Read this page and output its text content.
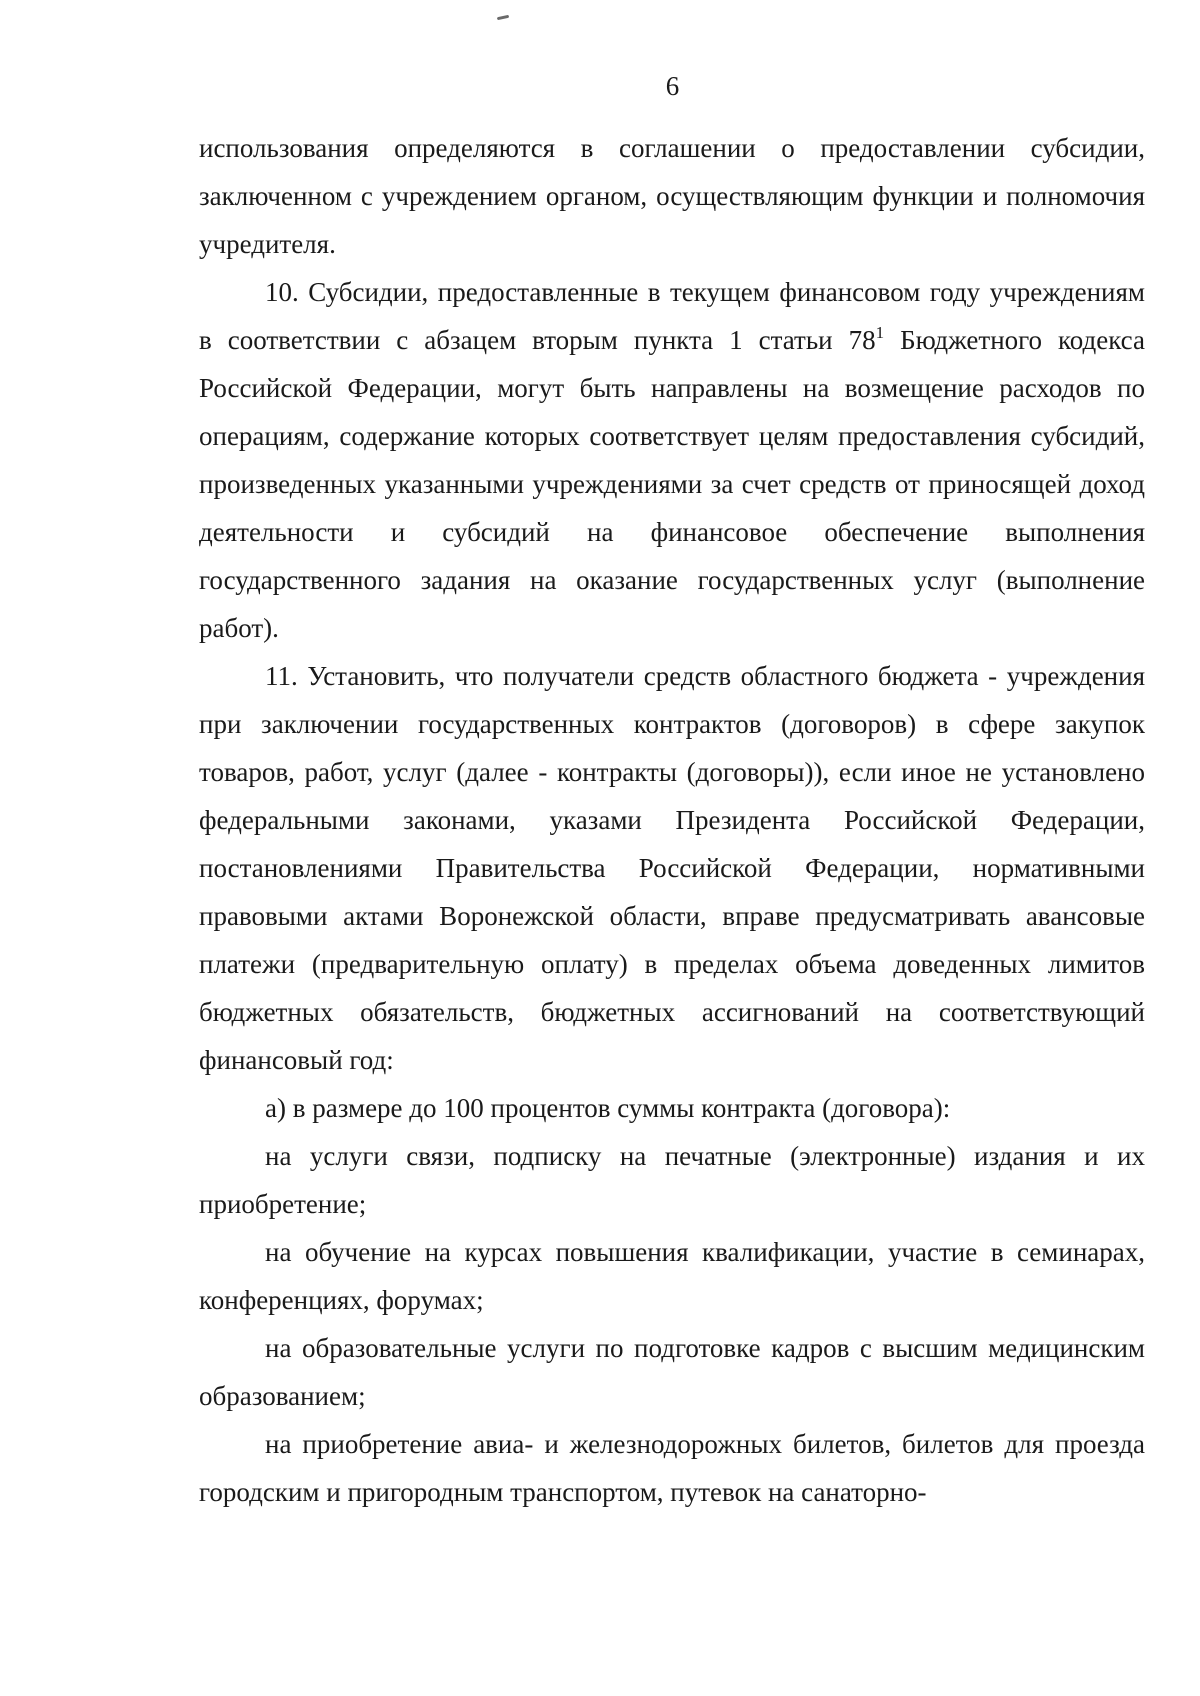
6

использования определяются в соглашении о предоставлении субсидии, заключенном с учреждением органом, осуществляющим функции и полномочия учредителя.

10. Субсидии, предоставленные в текущем финансовом году учреждениям в соответствии с абзацем вторым пункта 1 статьи $78^1$ Бюджетного кодекса Российской Федерации, могут быть направлены на возмещение расходов по операциям, содержание которых соответствует целям предоставления субсидий, произведенных указанными учреждениями за счет средств от приносящей доход деятельности и субсидий на финансовое обеспечение выполнения государственного задания на оказание государственных услуг (выполнение работ).

11. Установить, что получатели средств областного бюджета - учреждения при заключении государственных контрактов (договоров) в сфере закупок товаров, работ, услуг (далее - контракты (договоры)), если иное не установлено федеральными законами, указами Президента Российской Федерации, постановлениями Правительства Российской Федерации, нормативными правовыми актами Воронежской области, вправе предусматривать авансовые платежи (предварительную оплату) в пределах объема доведенных лимитов бюджетных обязательств, бюджетных ассигнований на соответствующий финансовый год:

а) в размере до 100 процентов суммы контракта (договора):

на услуги связи, подписку на печатные (электронные) издания и их приобретение;

на обучение на курсах повышения квалификации, участие в семинарах, конференциях, форумах;

на образовательные услуги по подготовке кадров с высшим медицинским образованием;

на приобретение авиа- и железнодорожных билетов, билетов для проезда городским и пригородным транспортом, путевок на санаторно-
